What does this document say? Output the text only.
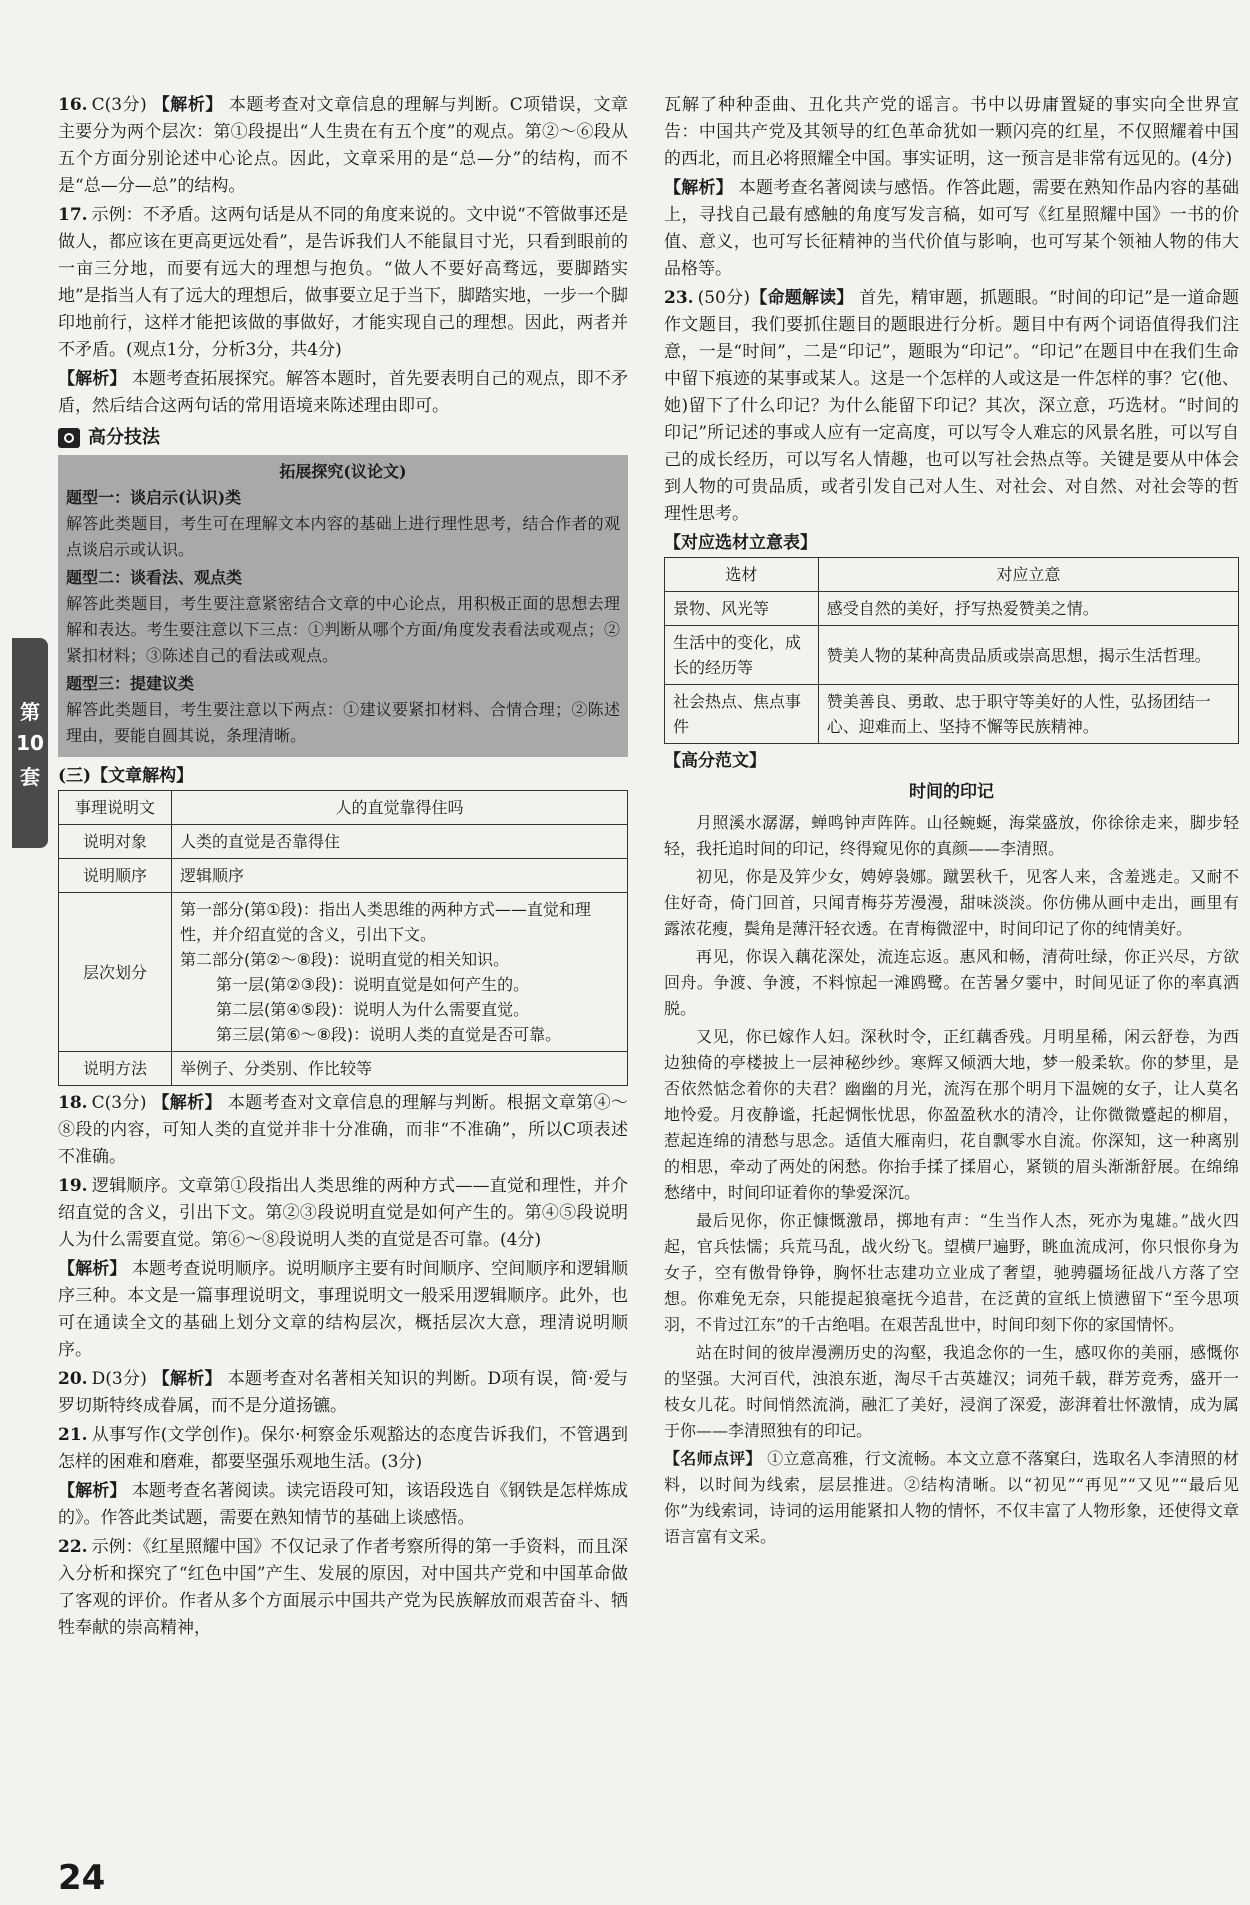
第
10
套

16. C(3分) 【解析】 本题考查对文章信息的理解与判断。C项错误，文章主要分为两个层次：第①段提出“人生贵在有五个度”的观点。第②～⑥段从五个方面分别论述中心论点。因此，文章采用的是“总—分”的结构，而不是“总—分—总”的结构。

17. 示例：不矛盾。这两句话是从不同的角度来说的。文中说“不管做事还是做人，都应该在更高更远处看”，是告诉我们人不能鼠目寸光，只看到眼前的一亩三分地，而要有远大的理想与抱负。“做人不要好高骛远，要脚踏实地”是指当人有了远大的理想后，做事要立足于当下，脚踏实地，一步一个脚印地前行，这样才能把该做的事做好，才能实现自己的理想。因此，两者并不矛盾。(观点1分，分析3分，共4分)

【解析】 本题考查拓展探究。解答本题时，首先要表明自己的观点，即不矛盾，然后结合这两句话的常用语境来陈述理由即可。

高分技法
拓展探究(议论文)
题型一：谈启示(认识)类

解答此类题目，考生可在理解文本内容的基础上进行理性思考，结合作者的观点谈启示或认识。

题型二：谈看法、观点类

解答此类题目，考生要注意紧密结合文章的中心论点，用积极正面的思想去理解和表达。考生要注意以下三点：①判断从哪个方面/角度发表看法或观点；②紧扣材料；③陈述自己的看法或观点。

题型三：提建议类

解答此类题目，考生要注意以下两点：①建议要紧扣材料、合情合理；②陈述理由，要能自圆其说，条理清晰。

(三)【文章解构】
事理说明文	人的直觉靠得住吗
说明对象	人类的直觉是否靠得住
说明顺序	逻辑顺序
层次划分	第一部分(第①段)：指出人类思维的两种方式——直觉和理性，并介绍直觉的含义，引出下文。
第二部分(第②～⑧段)：说明直觉的相关知识。
第一层(第②③段)：说明直觉是如何产生的。
第二层(第④⑤段)：说明人为什么需要直觉。
第三层(第⑥～⑧段)：说明人类的直觉是否可靠。

说明方法	举例子、分类别、作比较等

18. C(3分) 【解析】 本题考查对文章信息的理解与判断。根据文章第④～⑧段的内容，可知人类的直觉并非十分准确，而非“不准确”，所以C项表述不准确。

19. 逻辑顺序。文章第①段指出人类思维的两种方式——直觉和理性，并介绍直觉的含义，引出下文。第②③段说明直觉是如何产生的。第④⑤段说明人为什么需要直觉。第⑥～⑧段说明人类的直觉是否可靠。(4分)

【解析】 本题考查说明顺序。说明顺序主要有时间顺序、空间顺序和逻辑顺序三种。本文是一篇事理说明文，事理说明文一般采用逻辑顺序。此外，也可在通读全文的基础上划分文章的结构层次，概括层次大意，理清说明顺序。

20. D(3分) 【解析】 本题考查对名著相关知识的判断。D项有误，简·爱与罗切斯特终成眷属，而不是分道扬镳。

21. 从事写作(文学创作)。保尔·柯察金乐观豁达的态度告诉我们，不管遇到怎样的困难和磨难，都要坚强乐观地生活。(3分)

【解析】 本题考查名著阅读。读完语段可知，该语段选自《钢铁是怎样炼成的》。作答此类试题，需要在熟知情节的基础上谈感悟。

22. 示例：《红星照耀中国》不仅记录了作者考察所得的第一手资料，而且深入分析和探究了“红色中国”产生、发展的原因，对中国共产党和中国革命做了客观的评价。作者从多个方面展示中国共产党为民族解放而艰苦奋斗、牺牲奉献的崇高精神，

瓦解了种种歪曲、丑化共产党的谣言。书中以毋庸置疑的事实向全世界宣告：中国共产党及其领导的红色革命犹如一颗闪亮的红星，不仅照耀着中国的西北，而且必将照耀全中国。事实证明，这一预言是非常有远见的。(4分)

【解析】 本题考查名著阅读与感悟。作答此题，需要在熟知作品内容的基础上，寻找自己最有感触的角度写发言稿，如可写《红星照耀中国》一书的价值、意义，也可写长征精神的当代价值与影响，也可写某个领袖人物的伟大品格等。

23. (50分)【命题解读】 首先，精审题，抓题眼。“时间的印记”是一道命题作文题目，我们要抓住题目的题眼进行分析。题目中有两个词语值得我们注意，一是“时间”，二是“印记”，题眼为“印记”。“印记”在题目中在我们生命中留下痕迹的某事或某人。这是一个怎样的人或这是一件怎样的事？它(他、她)留下了什么印记？为什么能留下印记？其次，深立意，巧选材。“时间的印记”所记述的事或人应有一定高度，可以写令人难忘的风景名胜，可以写自己的成长经历，可以写名人情趣，也可以写社会热点等。关键是要从中体会到人物的可贵品质，或者引发自己对人生、对社会、对自然、对社会等的哲理性思考。

【对应选材立意表】
选材	对应立意
景物、风光等	感受自然的美好，抒写热爱赞美之情。
生活中的变化，成长的经历等	赞美人物的某种高贵品质或崇高思想，揭示生活哲理。
社会热点、焦点事件	赞美善良、勇敢、忠于职守等美好的人性，弘扬团结一心、迎难而上、坚持不懈等民族精神。
【高分范文】
时间的印记

月照溪水潺潺，蝉鸣钟声阵阵。山径蜿蜒，海棠盛放，你徐徐走来，脚步轻轻，我托追时间的印记，终得窥见你的真颜——李清照。

初见，你是及笄少女，娉婷袅娜。蹴罢秋千，见客人来，含羞逃走。又耐不住好奇，倚门回首，只闻青梅芬芳漫漫，甜味淡淡。你仿佛从画中走出，画里有露浓花瘦，鬓角是薄汗轻衣透。在青梅微涩中，时间印记了你的纯情美好。

再见，你误入藕花深处，流连忘返。惠风和畅，清荷吐绿，你正兴尽，方欲回舟。争渡、争渡，不料惊起一滩鸥鹭。在苦暑夕霎中，时间见证了你的率真洒脱。

又见，你已嫁作人妇。深秋时令，正红藕香残。月明星稀，闲云舒卷，为西边独倚的亭楼披上一层神秘纱纱。寒辉又倾洒大地，梦一般柔软。你的梦里，是否依然惦念着你的夫君？幽幽的月光，流泻在那个明月下温婉的女子，让人莫名地怜爱。月夜静谧，托起惆怅忧思，你盈盈秋水的清冷，让你微微蹙起的柳眉，惹起连绵的清愁与思念。适值大雁南归，花自飘零水自流。你深知，这一种离别的相思，牵动了两处的闲愁。你抬手揉了揉眉心，紧锁的眉头渐渐舒展。在绵绵愁绪中，时间印证着你的挚爱深沉。

最后见你，你正慷慨激昂，掷地有声：“生当作人杰，死亦为鬼雄。”战火四起，官兵怯懦；兵荒马乱，战火纷飞。望横尸遍野，眺血流成河，你只恨你身为女子，空有傲骨铮铮，胸怀壮志建功立业成了奢望，驰骋疆场征战八方落了空想。你难免无奈，只能提起狼毫抚今追昔，在泛黄的宣纸上愤懑留下“至今思项羽，不肯过江东”的千古绝唱。在艰苦乱世中，时间印刻下你的家国情怀。

站在时间的彼岸漫溯历史的沟壑，我追念你的一生，感叹你的美丽，感慨你的坚强。大河百代，浊浪东逝，淘尽千古英雄汉；词苑千载，群芳竞秀，盛开一枝女儿花。时间悄然流淌，融汇了美好，浸润了深爱，澎湃着壮怀激情，成为属于你——李清照独有的印记。

【名师点评】 ①立意高雅，行文流畅。本文立意不落窠臼，选取名人李清照的材料，以时间为线索，层层推进。②结构清晰。以“初见”“再见”“又见”“最后见你”为线索词，诗词的运用能紧扣人物的情怀，不仅丰富了人物形象，还使得文章语言富有文采。

24
